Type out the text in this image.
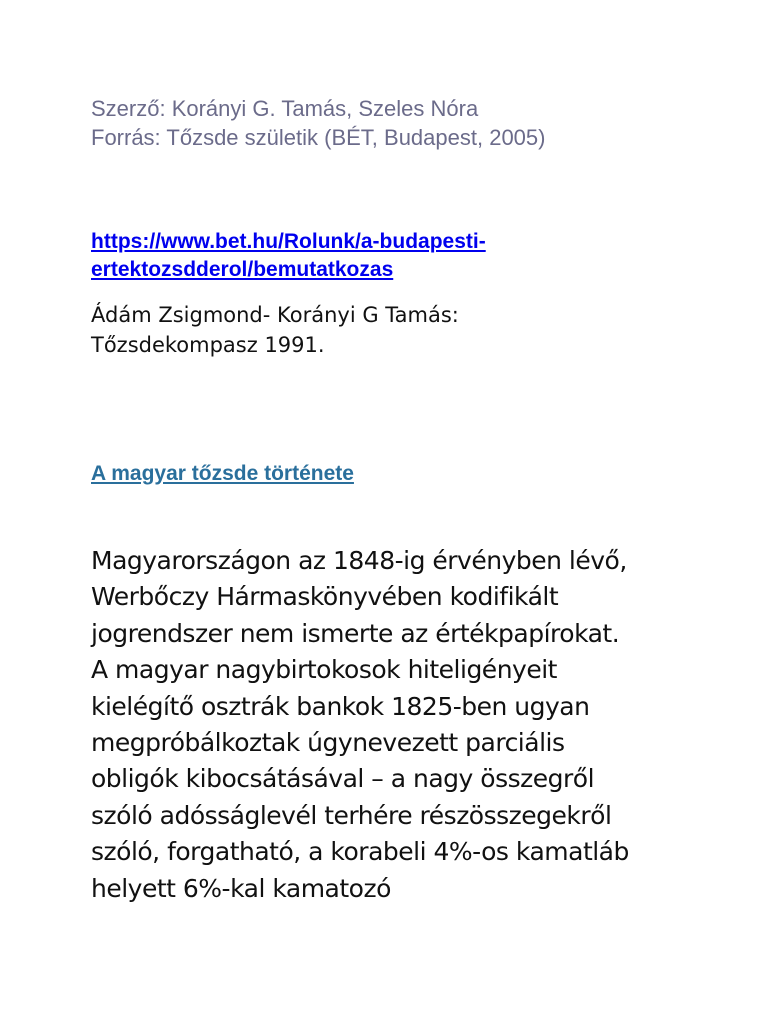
Szerző: Korányi G. Tamás, Szeles Nóra
Forrás: Tőzsde születik (BÉT, Budapest, 2005)
https://www.bet.hu/Rolunk/a-budapesti-
ertektozsdderol/bemutatkozas
Ádám Zsigmond- Korányi G Tamás:
Tőzsdekompasz 1991.
A magyar tőzsde története
Magyarországon az 1848-ig érvényben lévő,
Werbőczy Hármaskönyvében kodifikált
jogrendszer nem ismerte az értékpapírokat.
A magyar nagybirtokosok hiteligényeit
kielégítő osztrák bankok 1825-ben ugyan
megpróbálkoztak úgynevezett parciális
obligók kibocsátásával – a nagy összegről
szóló adósságlevél terhére részösszegekről
szóló, forgatható, a korabeli 4%-os kamatláb
helyett 6%-kal kamatozó
